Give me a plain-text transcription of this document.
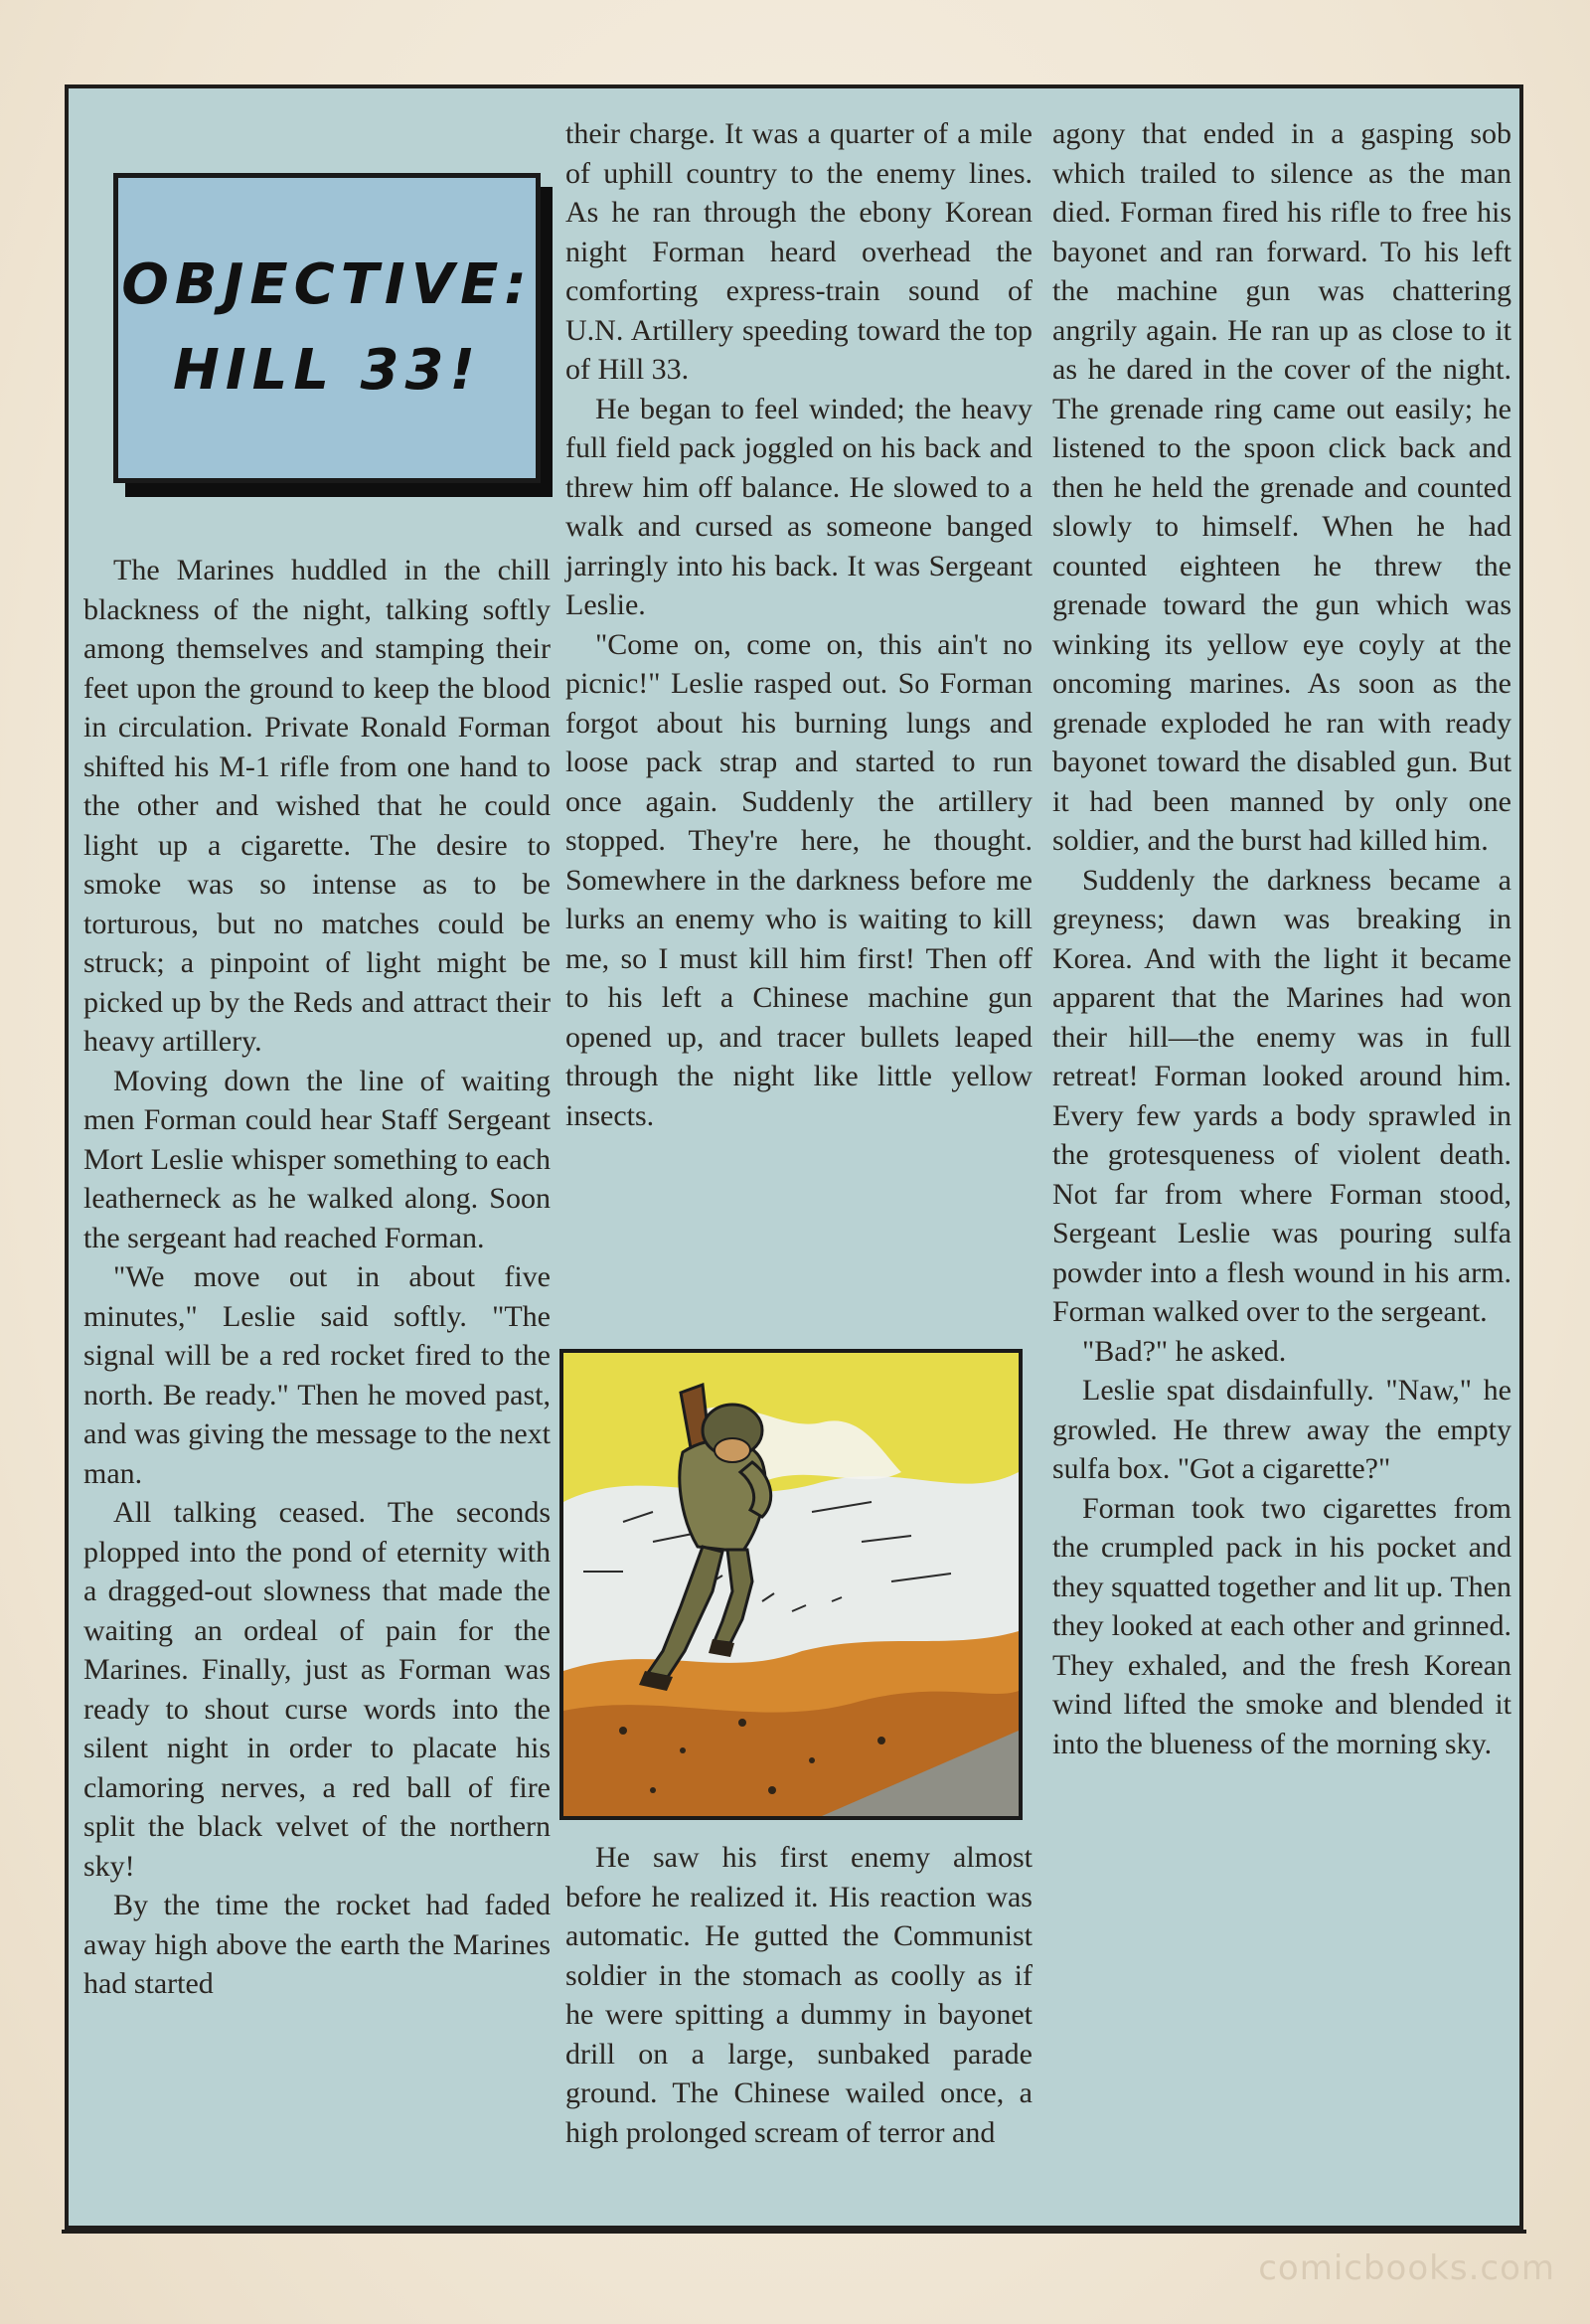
OBJECTIVE:
HILL 33!

The Marines huddled in the chill blackness of the night, talking softly among themselves and stamping their feet upon the ground to keep the blood in circulation. Private Ronald Forman shifted his M-1 rifle from one hand to the other and wished that he could light up a cigarette. The desire to smoke was so intense as to be torturous, but no matches could be struck; a pinpoint of light might be picked up by the Reds and attract their heavy artillery.

Moving down the line of waiting men Forman could hear Staff Sergeant Mort Leslie whisper something to each leatherneck as he walked along. Soon the sergeant had reached Forman.

"We move out in about five minutes," Leslie said softly. "The signal will be a red rocket fired to the north. Be ready." Then he moved past, and was giving the message to the next man.

All talking ceased. The seconds plopped into the pond of eternity with a dragged-out slowness that made the waiting an ordeal of pain for the Marines. Finally, just as Forman was ready to shout curse words into the silent night in order to placate his clamoring nerves, a red ball of fire split the black velvet of the northern sky!

By the time the rocket had faded away high above the earth the Marines had started

their charge. It was a quarter of a mile of uphill country to the enemy lines. As he ran through the ebony Korean night Forman heard overhead the comforting express-train sound of U.N. Artillery speeding toward the top of Hill 33.

He began to feel winded; the heavy full field pack joggled on his back and threw him off balance. He slowed to a walk and cursed as someone banged jarringly into his back. It was Sergeant Leslie.

"Come on, come on, this ain't no picnic!" Leslie rasped out. So Forman forgot about his burning lungs and loose pack strap and started to run once again. Suddenly the artillery stopped. They're here, he thought. Somewhere in the darkness before me lurks an enemy who is waiting to kill me, so I must kill him first! Then off to his left a Chinese machine gun opened up, and tracer bullets leaped through the night like little yellow insects.

He saw his first enemy almost before he realized it. His reaction was automatic. He gutted the Communist soldier in the stomach as coolly as if he were spitting a dummy in bayonet drill on a large, sunbaked parade ground. The Chinese wailed once, a high prolonged scream of terror and

agony that ended in a gasping sob which trailed to silence as the man died. Forman fired his rifle to free his bayonet and ran forward. To his left the machine gun was chattering angrily again. He ran up as close to it as he dared in the cover of the night. The grenade ring came out easily; he listened to the spoon click back and then he held the grenade and counted slowly to himself. When he had counted eighteen he threw the grenade toward the gun which was winking its yellow eye coyly at the oncoming marines. As soon as the grenade exploded he ran with ready bayonet toward the disabled gun. But it had been manned by only one soldier, and the burst had killed him.

Suddenly the darkness became a greyness; dawn was breaking in Korea. And with the light it became apparent that the Marines had won their hill—the enemy was in full retreat! Forman looked around him. Every few yards a body sprawled in the grotesqueness of violent death. Not far from where Forman stood, Sergeant Leslie was pouring sulfa powder into a flesh wound in his arm. Forman walked over to the sergeant.

"Bad?" he asked.

Leslie spat disdainfully. "Naw," he growled. He threw away the empty sulfa box. "Got a cigarette?"

Forman took two cigarettes from the crumpled pack in his pocket and they squatted together and lit up. Then they looked at each other and grinned. They exhaled, and the fresh Korean wind lifted the smoke and blended it into the blueness of the morning sky.

comicbooks.com
